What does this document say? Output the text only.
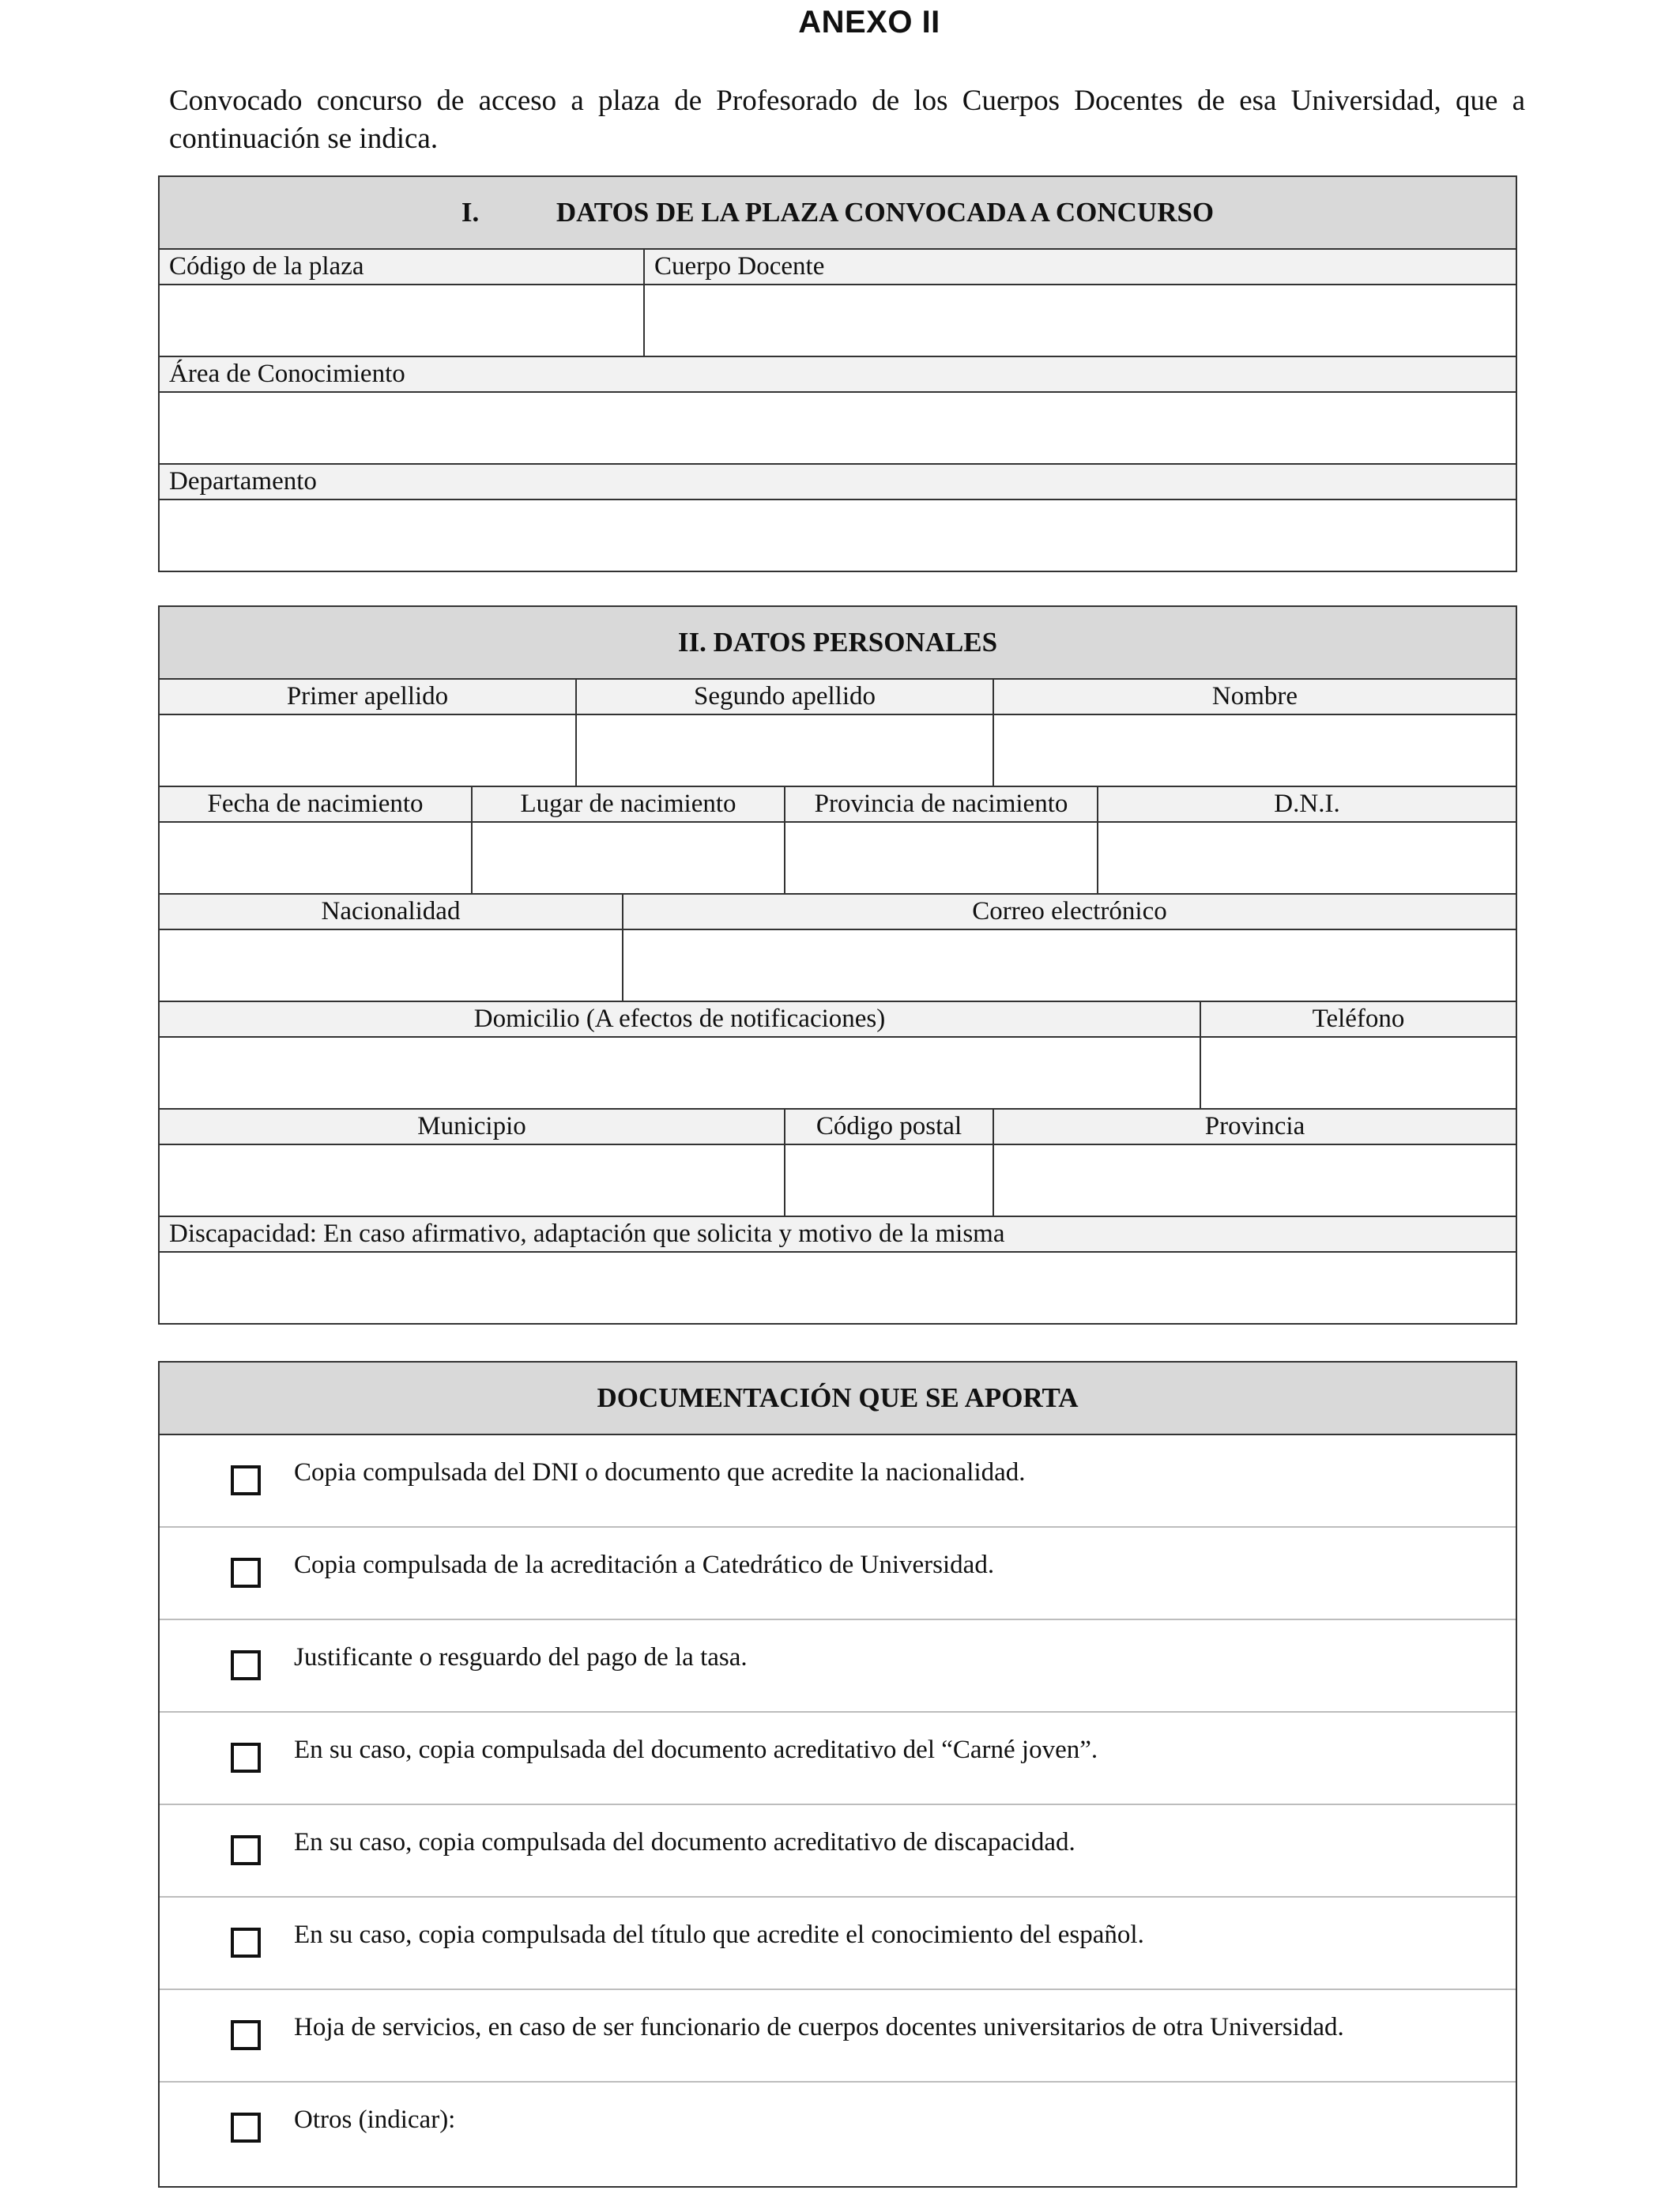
ANEXO II
Convocado concurso de acceso a plaza de Profesorado de los Cuerpos Docentes de esa Universidad, que a continuación se indica.
I.	DATOS DE LA PLAZA CONVOCADA A CONCURSO
Código de la plaza	Cuerpo Docente
Área de Conocimiento
Departamento
II. DATOS PERSONALES
Primer apellido	Segundo apellido	Nombre
Fecha de nacimiento	Lugar de nacimiento	Provincia de nacimiento	D.N.I.
Nacionalidad	Correo electrónico
Domicilio (A efectos de notificaciones)	Teléfono
Municipio	Código postal	Provincia
Discapacidad: En caso afirmativo, adaptación que solicita y motivo de la misma
DOCUMENTACIÓN QUE SE APORTA
Copia compulsada del DNI o documento que acredite la nacionalidad.
Copia compulsada de la acreditación a Catedrático de Universidad.
Justificante o resguardo del pago de la tasa.
En su caso, copia compulsada del documento acreditativo del “Carné joven”.
En su caso, copia compulsada del documento acreditativo de discapacidad.
En su caso, copia compulsada del título que acredite el conocimiento del español.
Hoja de servicios, en caso de ser funcionario de cuerpos docentes universitarios de otra Universidad.
Otros (indicar):
